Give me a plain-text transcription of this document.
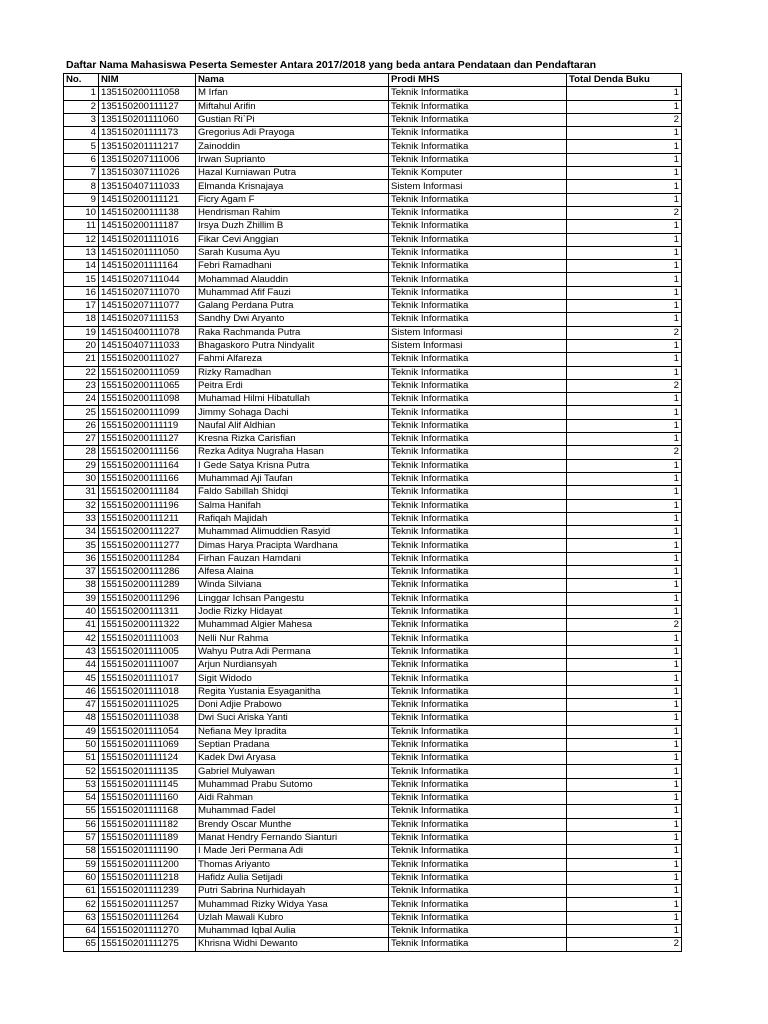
Daftar Nama Mahasiswa Peserta Semester Antara 2017/2018 yang beda antara Pendataan dan Pendaftaran
No.	NIM	Nama	Prodi MHS	Total Denda Buku
1	135150200111058	M Irfan	Teknik Informatika	1
2	135150200111127	Miftahul Arifin	Teknik Informatika	1
3	135150201111060	Gustian Ri`Pi	Teknik Informatika	2
4	135150201111173	Gregorius Adi Prayoga	Teknik Informatika	1
5	135150201111217	Zainoddin	Teknik Informatika	1
6	135150207111006	Irwan Suprianto	Teknik Informatika	1
7	135150307111026	Hazal Kurniawan Putra	Teknik Komputer	1
8	135150407111033	Elmanda Krisnajaya	Sistem Informasi	1
9	145150200111121	Ficry Agam F	Teknik Informatika	1
10	145150200111138	Hendrisman Rahim	Teknik Informatika	2
11	145150200111187	Irsya Duzh Zhillim B	Teknik Informatika	1
12	145150201111016	Fikar Cevi Anggian	Teknik Informatika	1
13	145150201111050	Sarah Kusuma Ayu	Teknik Informatika	1
14	145150201111164	Febri Ramadhani	Teknik Informatika	1
15	145150207111044	Mohammad Alauddin	Teknik Informatika	1
16	145150207111070	Muhammad Afif Fauzi	Teknik Informatika	1
17	145150207111077	Galang Perdana Putra	Teknik Informatika	1
18	145150207111153	Sandhy Dwi Aryanto	Teknik Informatika	1
19	145150400111078	Raka Rachmanda Putra	Sistem Informasi	2
20	145150407111033	Bhagaskoro Putra Nindyalit	Sistem Informasi	1
21	155150200111027	Fahmi Alfareza	Teknik Informatika	1
22	155150200111059	Rizky Ramadhan	Teknik Informatika	1
23	155150200111065	Peitra Erdi	Teknik Informatika	2
24	155150200111098	Muhamad Hilmi Hibatullah	Teknik Informatika	1
25	155150200111099	Jimmy Sohaga Dachi	Teknik Informatika	1
26	155150200111119	Naufal Alif Aldhian	Teknik Informatika	1
27	155150200111127	Kresna Rizka Carisfian	Teknik Informatika	1
28	155150200111156	Rezka Aditya Nugraha Hasan	Teknik Informatika	2
29	155150200111164	I Gede Satya Krisna Putra	Teknik Informatika	1
30	155150200111166	Muhammad Aji Taufan	Teknik Informatika	1
31	155150200111184	Faldo Sabillah Shidqi	Teknik Informatika	1
32	155150200111196	Salma Hanifah	Teknik Informatika	1
33	155150200111211	Rafiqah Majidah	Teknik Informatika	1
34	155150200111227	Muhammad Alimuddien Rasyid	Teknik Informatika	1
35	155150200111277	Dimas Harya Pracipta Wardhana	Teknik Informatika	1
36	155150200111284	Firhan Fauzan Hamdani	Teknik Informatika	1
37	155150200111286	Alfesa Alaina	Teknik Informatika	1
38	155150200111289	Winda Silviana	Teknik Informatika	1
39	155150200111296	Linggar Ichsan Pangestu	Teknik Informatika	1
40	155150200111311	Jodie Rizky Hidayat	Teknik Informatika	1
41	155150200111322	Muhammad Algier Mahesa	Teknik Informatika	2
42	155150201111003	Nelli Nur Rahma	Teknik Informatika	1
43	155150201111005	Wahyu Putra Adi Permana	Teknik Informatika	1
44	155150201111007	Arjun Nurdiansyah	Teknik Informatika	1
45	155150201111017	Sigit Widodo	Teknik Informatika	1
46	155150201111018	Regita Yustania Esyaganitha	Teknik Informatika	1
47	155150201111025	Doni Adjie Prabowo	Teknik Informatika	1
48	155150201111038	Dwi Suci Ariska Yanti	Teknik Informatika	1
49	155150201111054	Nefiana Mey Ipradita	Teknik Informatika	1
50	155150201111069	Septian Pradana	Teknik Informatika	1
51	155150201111124	Kadek Dwi Aryasa	Teknik Informatika	1
52	155150201111135	Gabriel Mulyawan	Teknik Informatika	1
53	155150201111145	Muhammad Prabu Sutomo	Teknik Informatika	1
54	155150201111160	Aidi Rahman	Teknik Informatika	1
55	155150201111168	Muhammad Fadel	Teknik Informatika	1
56	155150201111182	Brendy Oscar Munthe	Teknik Informatika	1
57	155150201111189	Manat Hendry Fernando Sianturi	Teknik Informatika	1
58	155150201111190	I Made Jeri Permana Adi	Teknik Informatika	1
59	155150201111200	Thomas Ariyanto	Teknik Informatika	1
60	155150201111218	Hafidz Aulia Setijadi	Teknik Informatika	1
61	155150201111239	Putri Sabrina Nurhidayah	Teknik Informatika	1
62	155150201111257	Muhammad Rizky Widya Yasa	Teknik Informatika	1
63	155150201111264	Uzlah Mawali Kubro	Teknik Informatika	1
64	155150201111270	Muhammad Iqbal Aulia	Teknik Informatika	1
65	155150201111275	Khrisna Widhi Dewanto	Teknik Informatika	2
